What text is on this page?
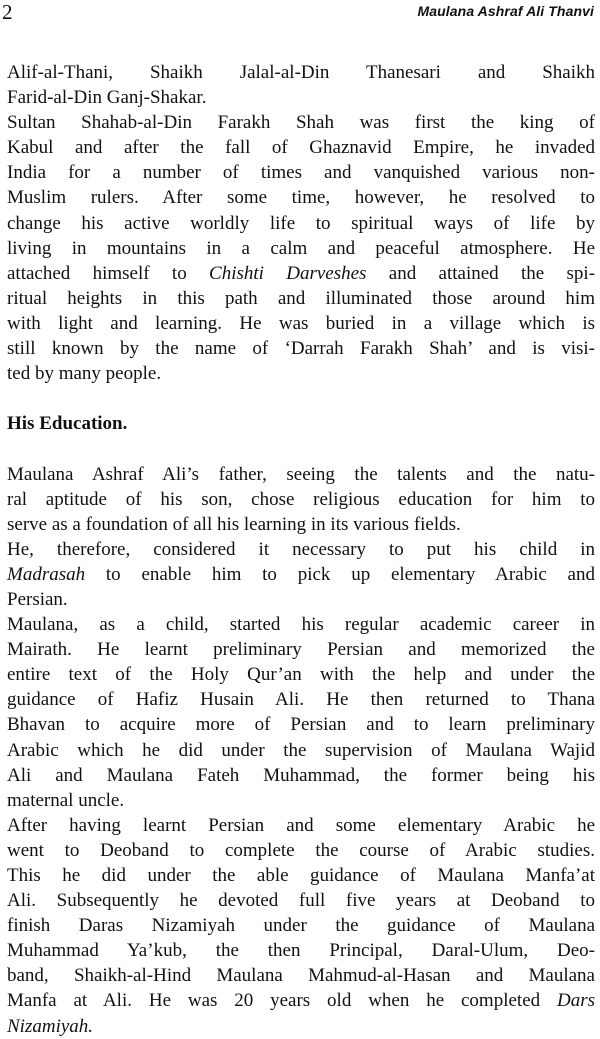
2	Maulana Ashraf Ali Thanvi
Alif-al-Thani, Shaikh Jalal-al-Din Thanesari and Shaikh
Farid-al-Din Ganj-Shakar.
Sultan Shahab-al-Din Farakh Shah was first the king of
Kabul and after the fall of Ghaznavid Empire, he invaded
India for a number of times and vanquished various non-
Muslim rulers. After some time, however, he resolved to
change his active worldly life to spiritual ways of life by
living in mountains in a calm and peaceful atmosphere. He
attached himself to Chishti Darveshes and attained the spi-
ritual heights in this path and illuminated those around him
with light and learning. He was buried in a village which is
still known by the name of ‘Darrah Farakh Shah’ and is visi-
ted by many people.
His Education.
Maulana Ashraf Ali’s father, seeing the talents and the natu-
ral aptitude of his son, chose religious education for him to
serve as a foundation of all his learning in its various fields.
He, therefore, considered it necessary to put his child in
Madrasah to enable him to pick up elementary Arabic and
Persian.
Maulana, as a child, started his regular academic career in
Mairath. He learnt preliminary Persian and memorized the
entire text of the Holy Qur’an with the help and under the
guidance of Hafiz Husain Ali. He then returned to Thana
Bhavan to acquire more of Persian and to learn preliminary
Arabic which he did under the supervision of Maulana Wajid
Ali and Maulana Fateh Muhammad, the former being his
maternal uncle.
After having learnt Persian and some elementary Arabic he
went to Deoband to complete the course of Arabic studies.
This he did under the able guidance of Maulana Manfa’at
Ali. Subsequently he devoted full five years at Deoband to
finish Daras Nizamiyah under the guidance of Maulana
Muhammad Ya’kub, the then Principal, Daral-Ulum, Deo-
band, Shaikh-al-Hind Maulana Mahmud-al-Hasan and Maulana
Manfa at Ali. He was 20 years old when he completed Dars
Nizamiyah.
